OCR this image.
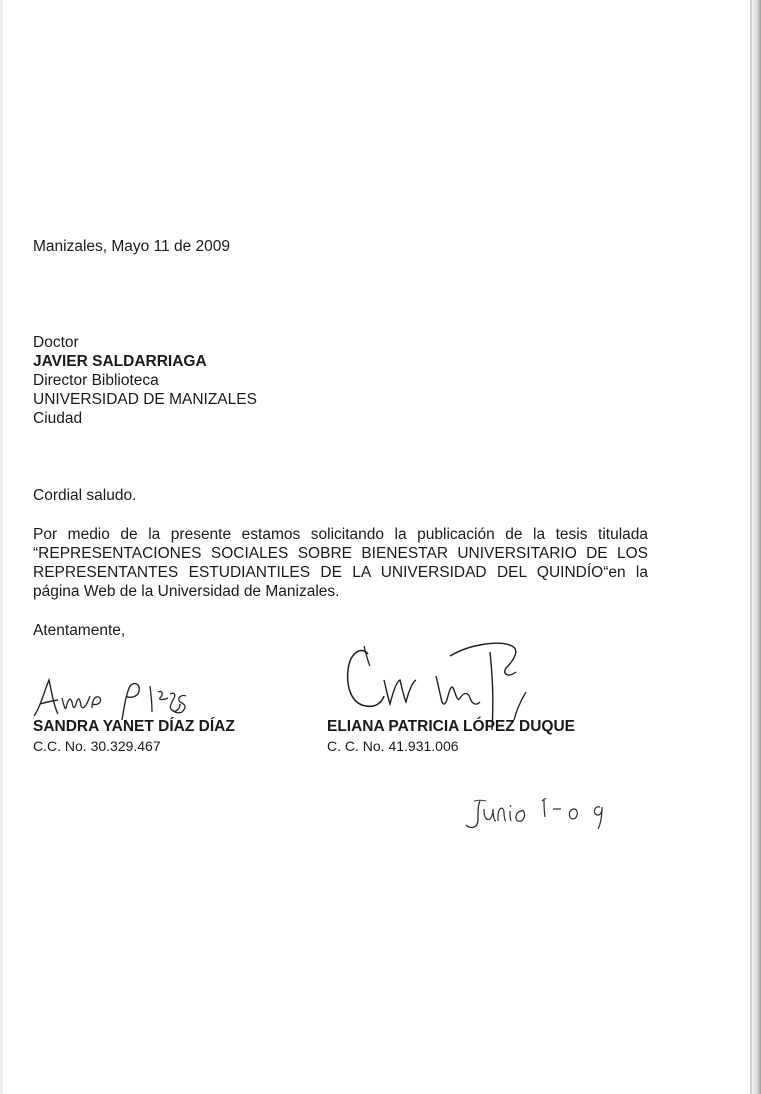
Manizales, Mayo 11 de 2009
Doctor
JAVIER SALDARRIAGA
Director Biblioteca
UNIVERSIDAD DE MANIZALES
Ciudad
Cordial saludo.
Por medio de la presente estamos solicitando la publicación de la tesis titulada “REPRESENTACIONES SOCIALES SOBRE BIENESTAR UNIVERSITARIO DE LOS REPRESENTANTES ESTUDIANTILES DE LA UNIVERSIDAD DEL QUINDÍO“en la página Web de la Universidad de Manizales.
Atentamente,
SANDRA YANET DÍAZ DÍAZ
C.C. No. 30.329.467
ELIANA PATRICIA LÓPEZ DUQUE
C. C. No. 41.931.006
